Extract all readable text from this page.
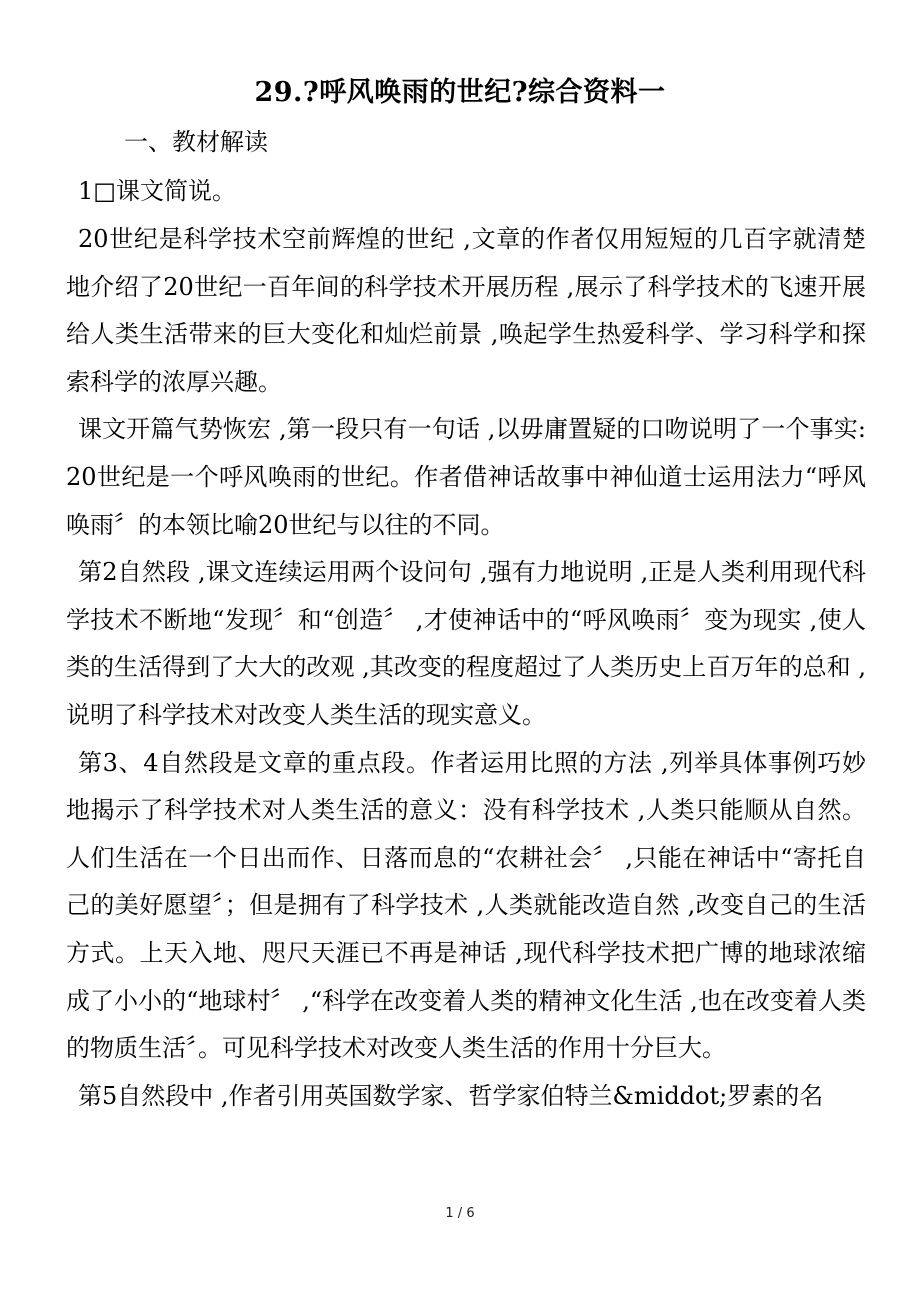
29.?呼风唤雨的世纪?综合资料一
一、教材解读
1□课文简说。

20世纪是科学技术空前辉煌的世纪 ,文章的作者仅用短短的几百字就清楚地介绍了20世纪一百年间的科学技术开展历程 ,展示了科学技术的飞速开展给人类生活带来的巨大变化和灿烂前景 ,唤起学生热爱科学、学习科学和探索科学的浓厚兴趣。

课文开篇气势恢宏 ,第一段只有一句话 ,以毋庸置疑的口吻说明了一个事实: 20世纪是一个呼风唤雨的世纪。作者借神话故事中神仙道士运用法力“呼风唤雨〞的本领比喻20世纪与以往的不同。

第2自然段 ,课文连续运用两个设问句 ,强有力地说明 ,正是人类利用现代科学技术不断地“发现〞和“创造〞 ,才使神话中的“呼风唤雨〞变为现实 ,使人类的生活得到了大大的改观 ,其改变的程度超过了人类历史上百万年的总和 ,说明了科学技术对改变人类生活的现实意义。

第3、4自然段是文章的重点段。作者运用比照的方法 ,列举具体事例巧妙地揭示了科学技术对人类生活的意义：没有科学技术 ,人类只能顺从自然。人们生活在一个日出而作、日落而息的“农耕社会〞 ,只能在神话中“寄托自己的美好愿望〞；但是拥有了科学技术 ,人类就能改造自然 ,改变自己的生活方式。上天入地、咫尺天涯已不再是神话 ,现代科学技术把广博的地球浓缩成了小小的“地球村〞 ,“科学在改变着人类的精神文化生活 ,也在改变着人类的物质生活〞。可见科学技术对改变人类生活的作用十分巨大。

第5自然段中 ,作者引用英国数学家、哲学家伯特兰&middot;罗素的名

1 / 6
